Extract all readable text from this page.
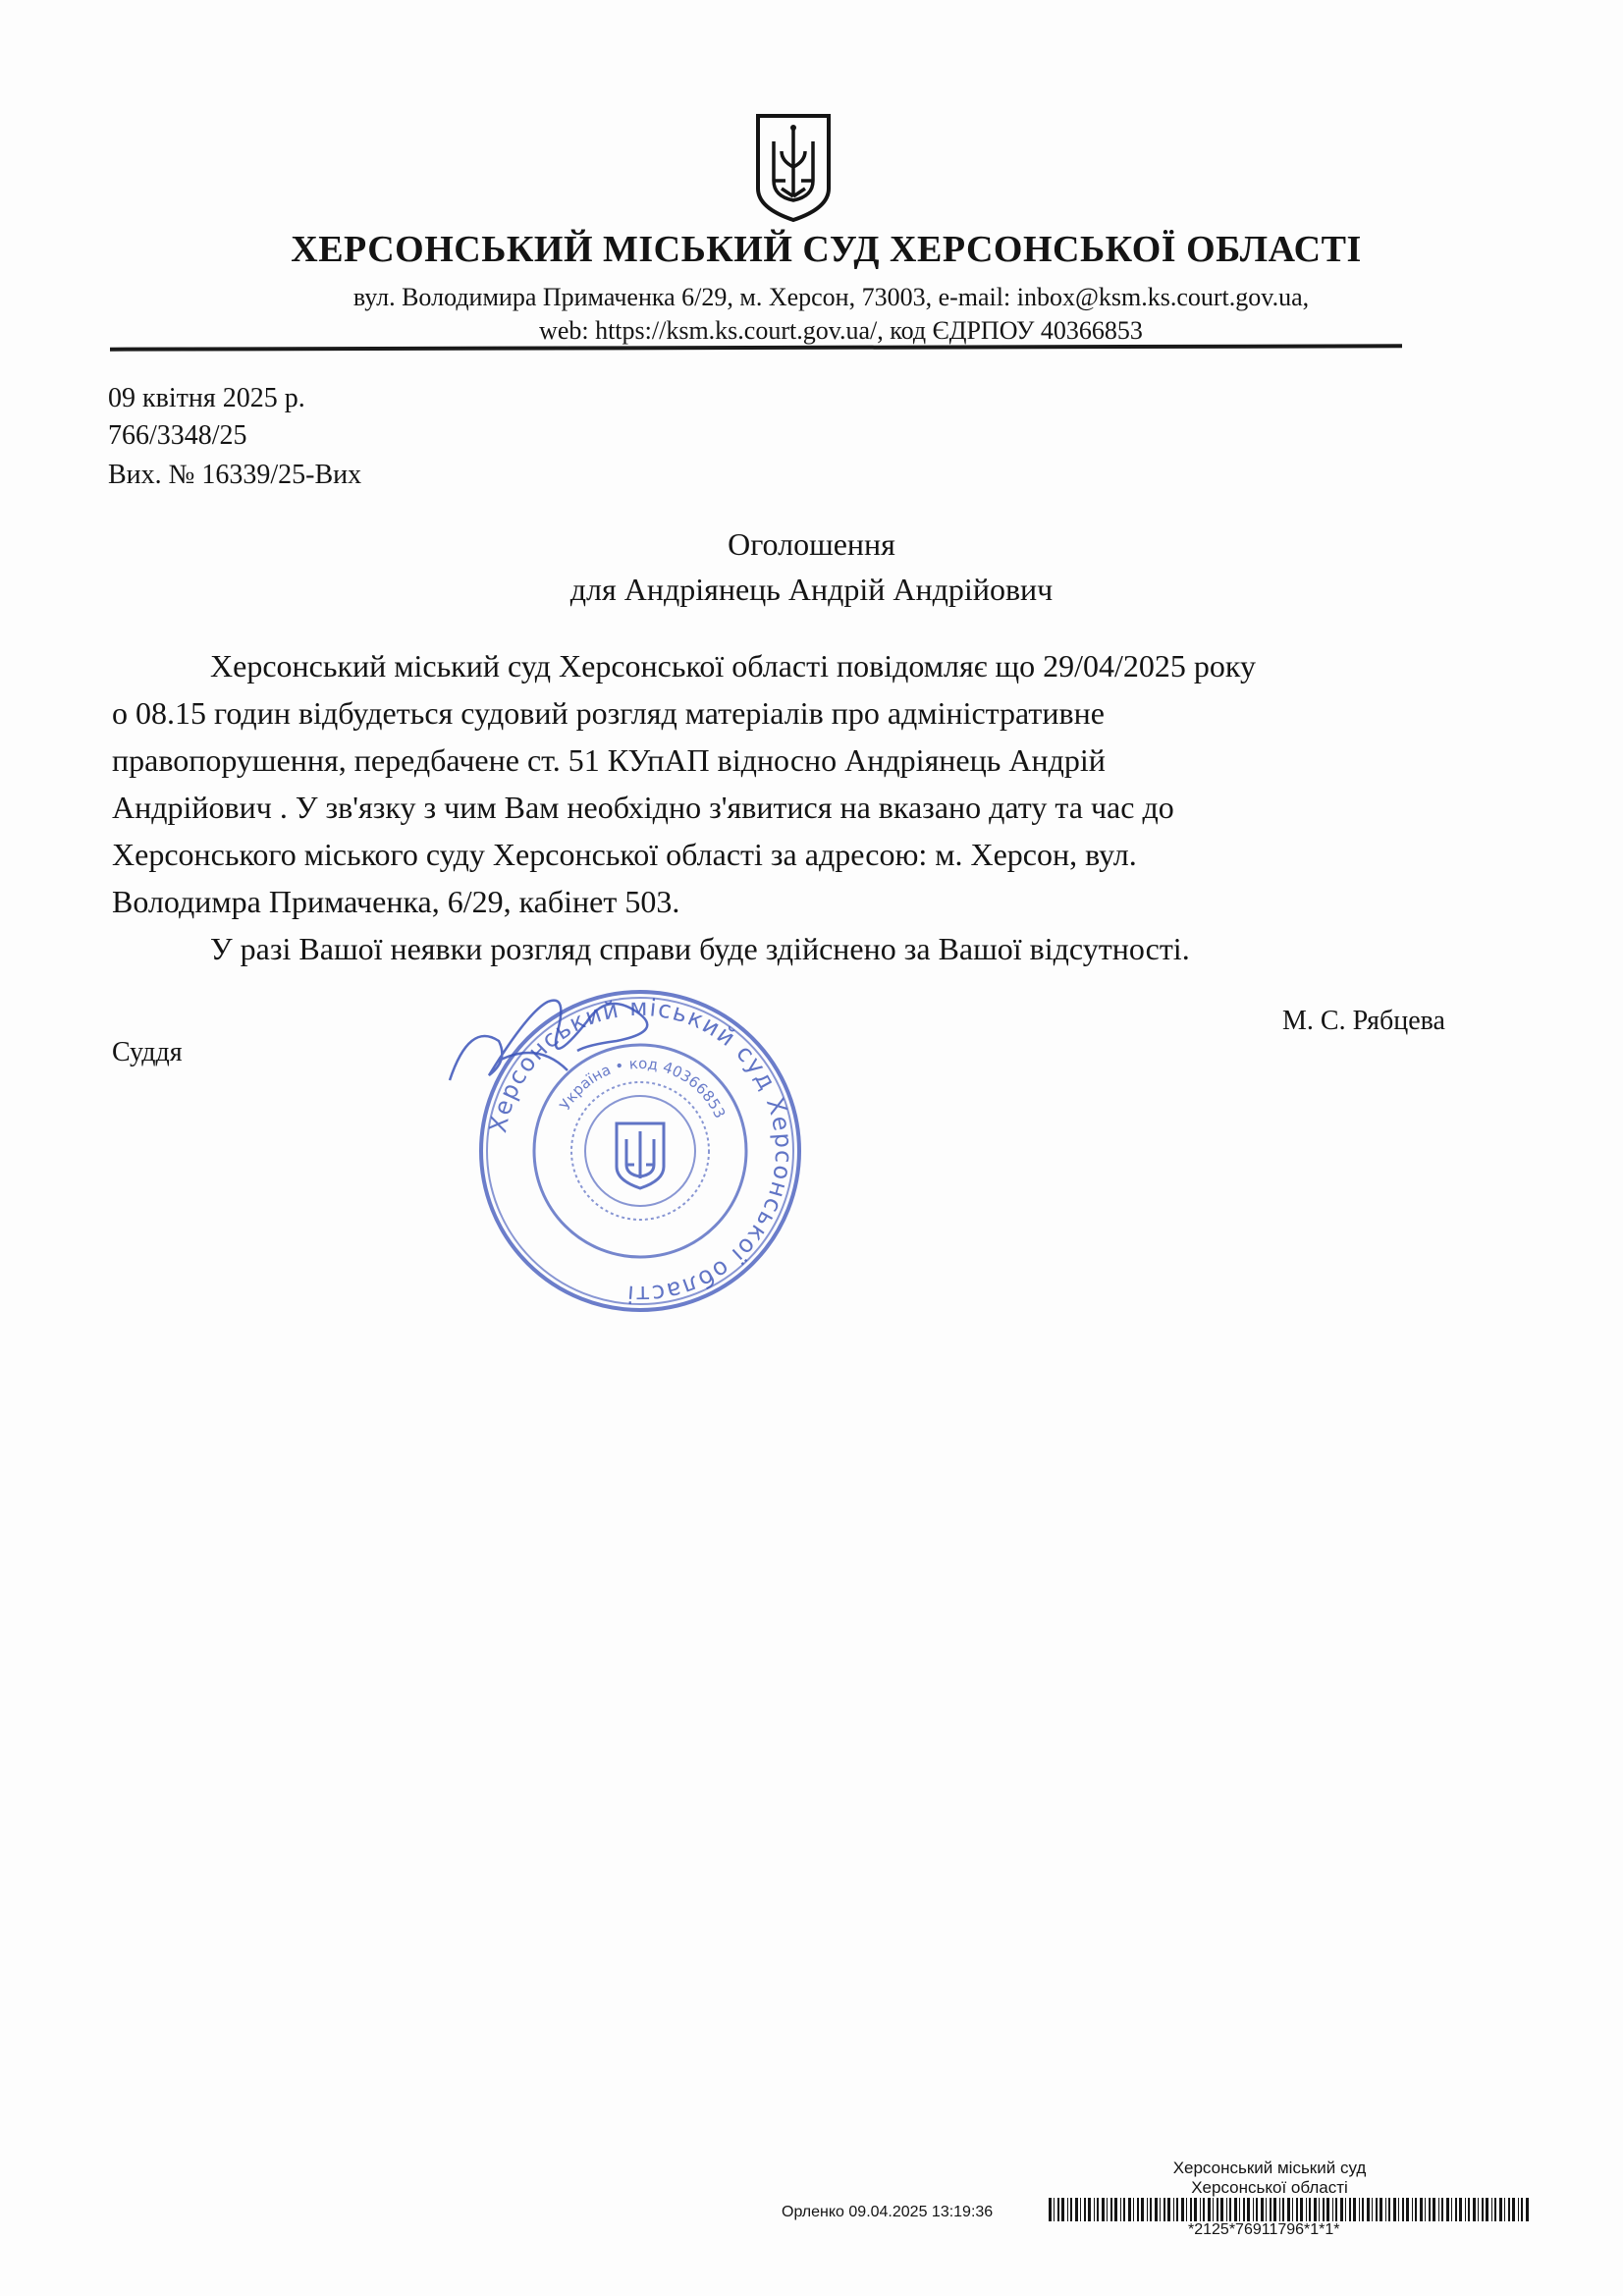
ХЕРСОНСЬКИЙ МІСЬКИЙ СУД ХЕРСОНСЬКОЇ ОБЛАСТІ
вул. Володимира Примаченка 6/29, м. Херсон, 73003, e-mail: inbox@ksm.ks.court.gov.ua,
web: https://ksm.ks.court.gov.ua/, код ЄДРПОУ 40366853
09 квітня 2025 р.
766/3348/25
Вих. № 16339/25-Вих
Оголошення
для Андріянець Андрій Андрійович
Херсонський міський суд Херсонської області повідомляє що 29/04/2025 року
о 08.15 годин відбудеться судовий розгляд матеріалів про адміністративне
правопорушення, передбачене ст. 51 КУпАП відносно Андріянець Андрій
Андрійович . У зв'язку з чим Вам необхідно з'явитися на вказано дату та час до
Херсонського міського суду Херсонської області за адресою: м. Херсон, вул.
Володимра Примаченка, 6/29, кабінет 503.
У разі Вашої неявки розгляд справи буде здійснено за Вашої відсутності.
Суддя
М. С. Рябцева
Херсонський міський суд Херсонської області
Україна • код 40366853
Херсонський міський суд
Херсонської області
Орленко 09.04.2025 13:19:36
*2125*76911796*1*1*
